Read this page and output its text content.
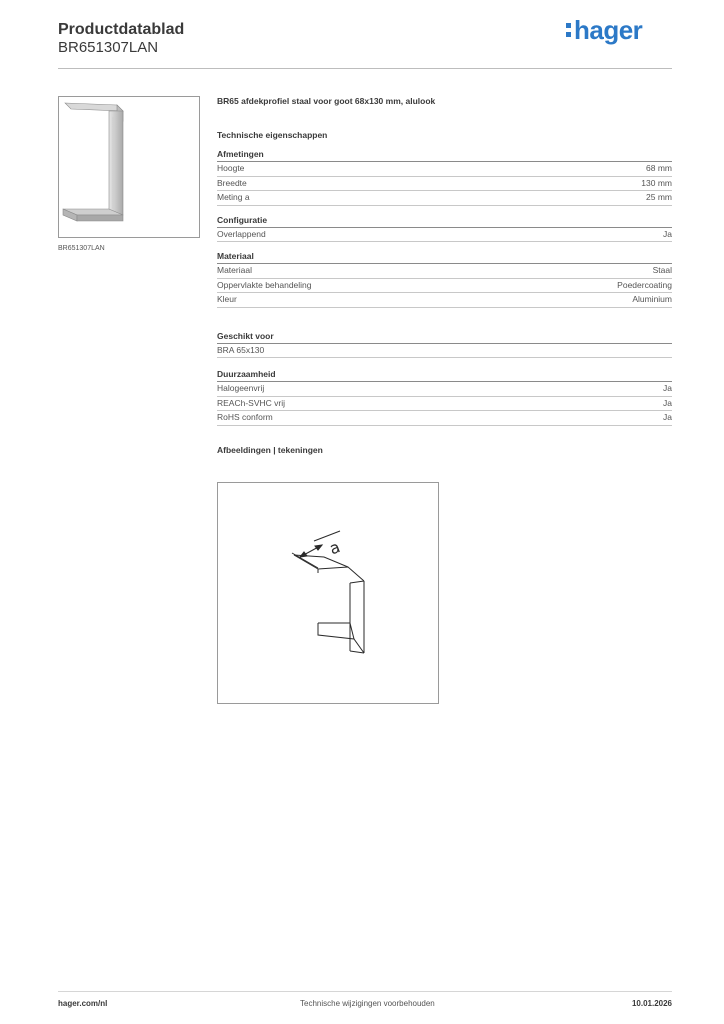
Productdatablad
BR651307LAN
hager
BR651307LAN
BR65 afdekprofiel staal voor goot 68x130 mm, alulook
Technische eigenschappen
Afmetingen
Hoogte	68 mm
Breedte	130 mm
Meting a	25 mm
Configuratie
Overlappend	Ja
Materiaal
Materiaal	Staal
Oppervlakte behandeling	Poedercoating
Kleur	Aluminium
Geschikt voor
BRA 65x130
Duurzaamheid
Halogeenvrij	Ja
REACh-SVHC vrij	Ja
RoHS conform	Ja
Afbeeldingen | tekeningen
a
hager.com/nl	Technische wijzigingen voorbehouden	10.01.2026
